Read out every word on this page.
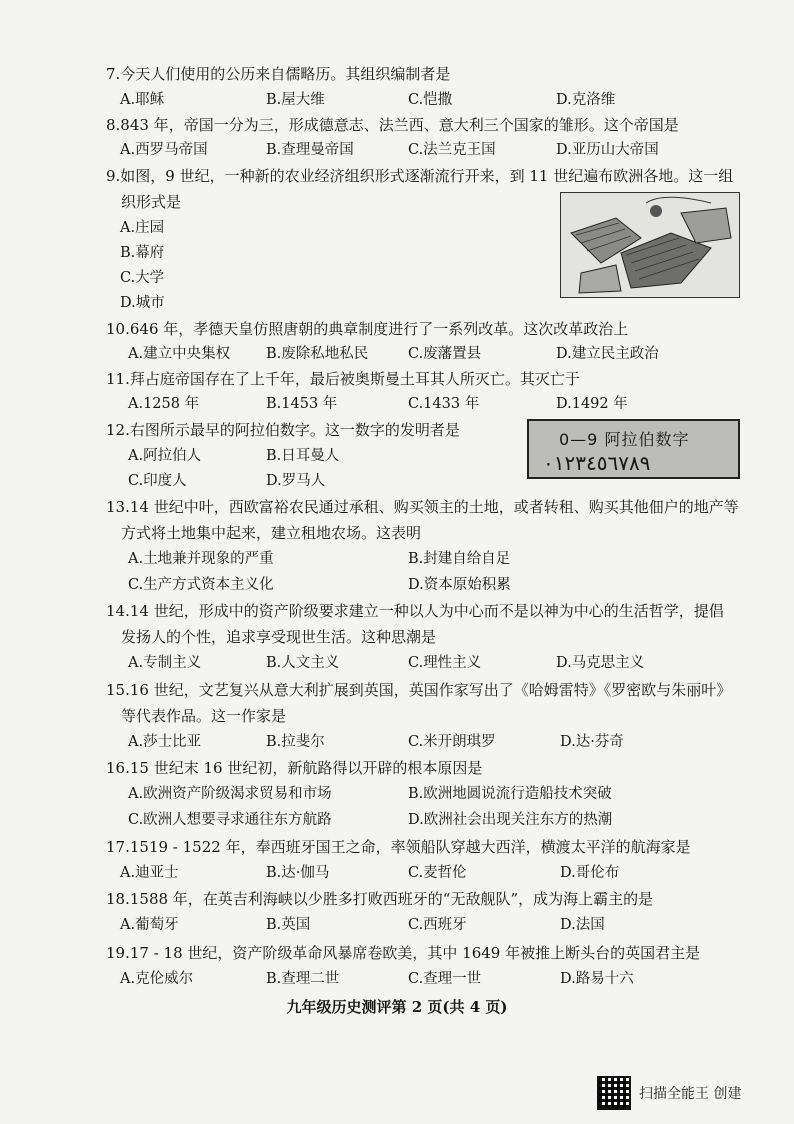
7.今天人们使用的公历来自儒略历。其组织编制者是
A.耶稣	B.屋大维	C.恺撒	D.克洛维
8.843 年，帝国一分为三，形成德意志、法兰西、意大利三个国家的雏形。这个帝国是
A.西罗马帝国	B.查理曼帝国	C.法兰克王国	D.亚历山大帝国
9.如图，9 世纪，一种新的农业经济组织形式逐渐流行开来，到 11 世纪遍布欧洲各地。这一组
织形式是
A.庄园
B.幕府
C.大学
D.城市
10.646 年，孝德天皇仿照唐朝的典章制度进行了一系列改革。这次改革政治上
A.建立中央集权 B.废除私地私民	C.废藩置县	D.建立民主政治
11.拜占庭帝国存在了上千年，最后被奥斯曼土耳其人所灭亡。其灭亡于
A.1258 年	B.1453 年	C.1433 年	D.1492 年
12.右图所示最早的阿拉伯数字。这一数字的发明者是
A.阿拉伯人	B.日耳曼人
C.印度人	D.罗马人
0—9 阿拉伯数字
٠١٢٣٤٥٦٧٨٩
13.14 世纪中叶，西欧富裕农民通过承租、购买领主的土地，或者转租、购买其他佃户的地产等
方式将土地集中起来，建立租地农场。这表明
A.土地兼并现象的严重	B.封建自给自足
C.生产方式资本主义化	D.资本原始积累
14.14 世纪，形成中的资产阶级要求建立一种以人为中心而不是以神为中心的生活哲学，提倡
发扬人的个性，追求享受现世生活。这种思潮是
A.专制主义	B.人文主义	C.理性主义	D.马克思主义
15.16 世纪，文艺复兴从意大利扩展到英国，英国作家写出了《哈姆雷特》《罗密欧与朱丽叶》
等代表作品。这一作家是
A.莎士比亚	B.拉斐尔	C.米开朗琪罗	D.达·芬奇
16.15 世纪末 16 世纪初，新航路得以开辟的根本原因是
A.欧洲资产阶级渴求贸易和市场	B.欧洲地圆说流行造船技术突破
C.欧洲人想要寻求通往东方航路	D.欧洲社会出现关注东方的热潮
17.1519 - 1522 年，奉西班牙国王之命，率领船队穿越大西洋，横渡太平洋的航海家是
A.迪亚士	B.达·伽马	C.麦哲伦	D.哥伦布
18.1588 年，在英吉利海峡以少胜多打败西班牙的“无敌舰队”，成为海上霸主的是
A.葡萄牙	B.英国	C.西班牙	D.法国
19.17 - 18 世纪，资产阶级革命风暴席卷欧美，其中 1649 年被推上断头台的英国君主是
A.克伦威尔	B.查理二世	C.查理一世	D.路易十六
九年级历史测评第 2 页(共 4 页)
扫描全能王 创建
